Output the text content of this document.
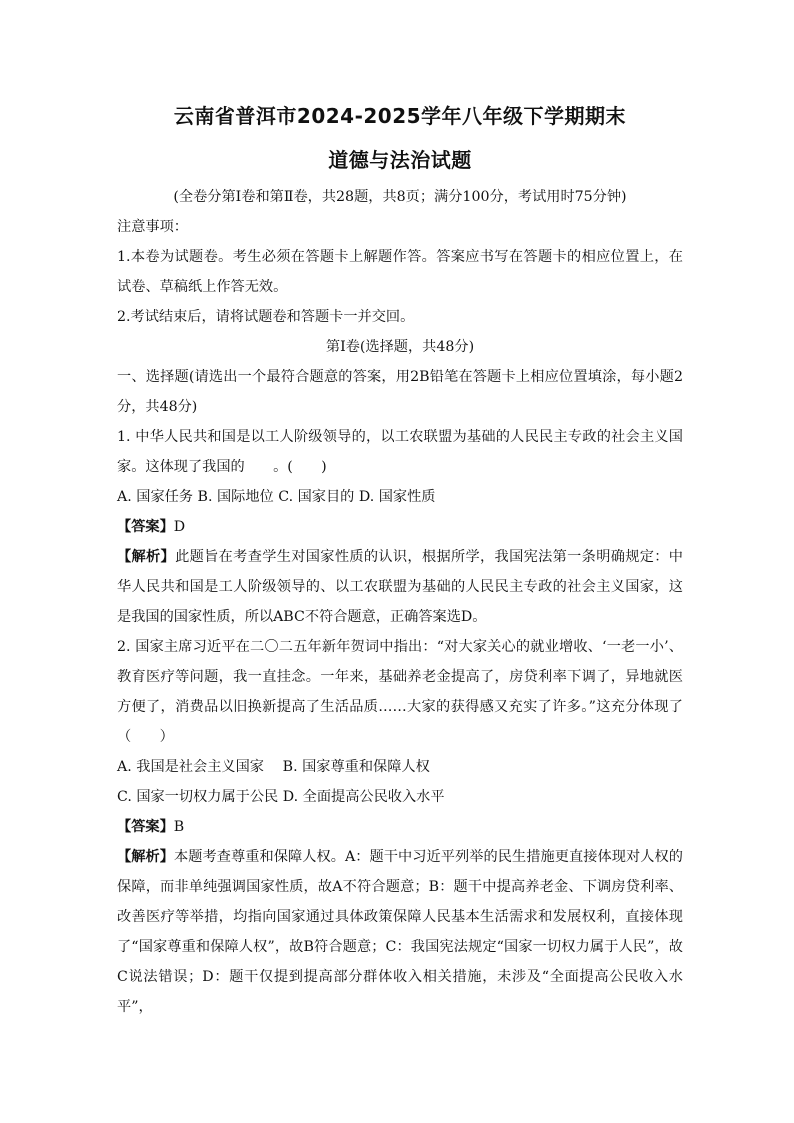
云南省普洱市2024-2025学年八年级下学期期末
道德与法治试题

(全卷分第Ⅰ卷和第Ⅱ卷，共28题，共8页；满分100分，考试用时75分钟)

注意事项：

1.本卷为试题卷。考生必须在答题卡上解题作答。答案应书写在答题卡的相应位置上，在试卷、草稿纸上作答无效。

2.考试结束后，请将试题卷和答题卡一并交回。

第Ⅰ卷(选择题，共48分)

一、选择题(请选出一个最符合题意的答案，用2B铅笔在答题卡上相应位置填涂，每小题2分，共48分)

1. 中华人民共和国是以工人阶级领导的，以工农联盟为基础的人民民主专政的社会主义国家。这体现了我国的　　。(　　)

A. 国家任务 B. 国际地位 C. 国家目的 D. 国家性质

【答案】D

【解析】此题旨在考查学生对国家性质的认识，根据所学，我国宪法第一条明确规定：中华人民共和国是工人阶级领导的、以工农联盟为基础的人民民主专政的社会主义国家，这是我国的国家性质，所以ABC不符合题意，正确答案选D。

2. 国家主席习近平在二〇二五年新年贺词中指出：“对大家关心的就业增收、‘一老一小’、教育医疗等问题，我一直挂念。一年来，基础养老金提高了，房贷利率下调了，异地就医方便了，消费品以旧换新提高了生活品质……大家的获得感又充实了许多。”这充分体现了（　　）

A. 我国是社会主义国家　 B. 国家尊重和保障人权

C. 国家一切权力属于公民 D. 全面提高公民收入水平

【答案】B

【解析】本题考查尊重和保障人权。A：题干中习近平列举的民生措施更直接体现对人权的保障，而非单纯强调国家性质，故A不符合题意；B：题干中提高养老金、下调房贷利率、改善医疗等举措，均指向国家通过具体政策保障人民基本生活需求和发展权利，直接体现了“国家尊重和保障人权”，故B符合题意；C：我国宪法规定“国家一切权力属于人民”，故C说法错误；D：题干仅提到提高部分群体收入相关措施，未涉及“全面提高公民收入水平”，
